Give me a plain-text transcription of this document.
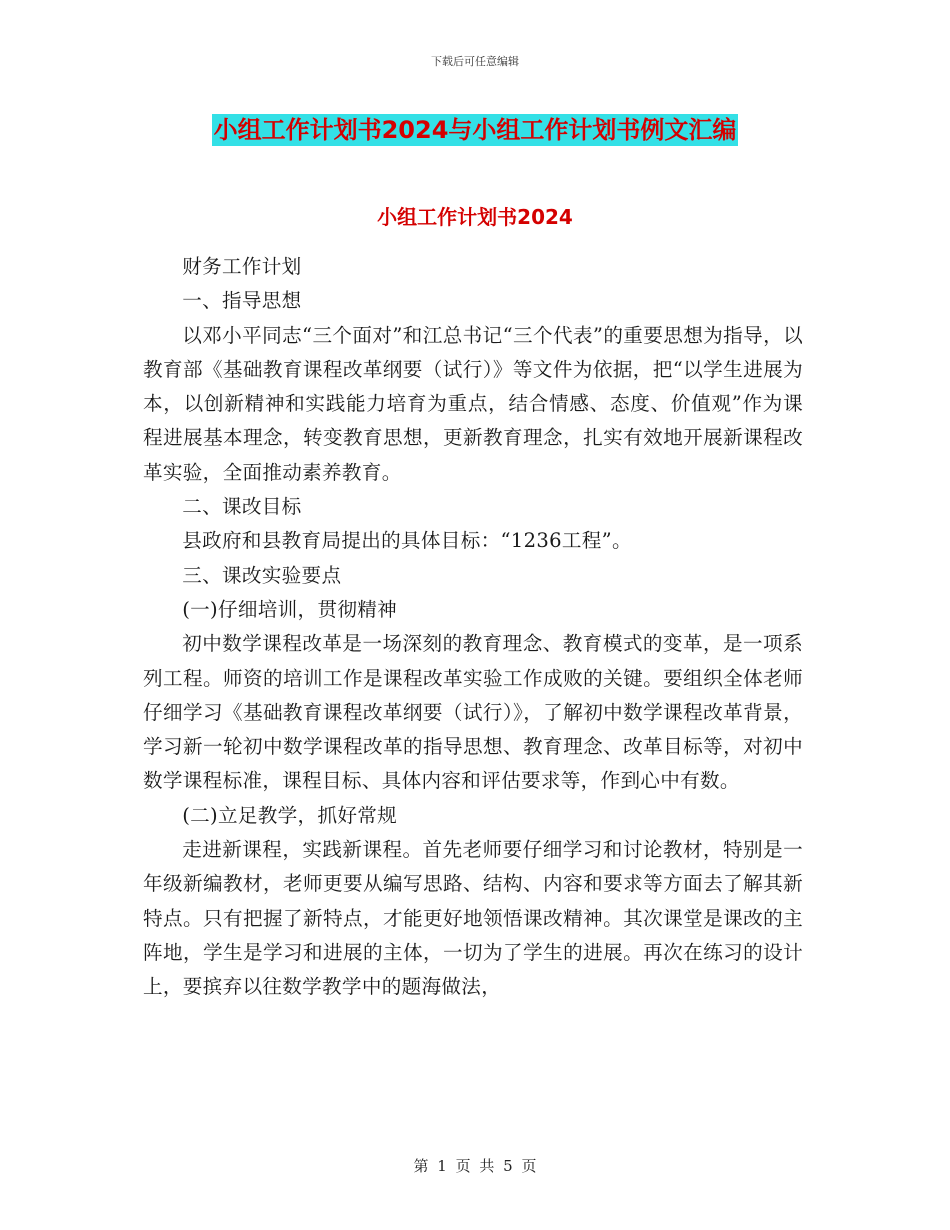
下载后可任意编辑
小组工作计划书2024与小组工作计划书例文汇编
小组工作计划书2024

财务工作计划

一、指导思想

以邓小平同志“三个面对”和江总书记“三个代表”的重要思想为指导，以教育部《基础教育课程改革纲要（试行）》等文件为依据，把“以学生进展为本，以创新精神和实践能力培育为重点，结合情感、态度、价值观”作为课程进展基本理念，转变教育思想，更新教育理念，扎实有效地开展新课程改革实验，全面推动素养教育。

二、课改目标

县政府和县教育局提出的具体目标：“1236工程”。

三、课改实验要点

(一)仔细培训，贯彻精神

初中数学课程改革是一场深刻的教育理念、教育模式的变革，是一项系列工程。师资的培训工作是课程改革实验工作成败的关键。要组织全体老师仔细学习《基础教育课程改革纲要（试行）》，了解初中数学课程改革背景，学习新一轮初中数学课程改革的指导思想、教育理念、改革目标等，对初中数学课程标准，课程目标、具体内容和评估要求等，作到心中有数。

(二)立足教学，抓好常规

走进新课程，实践新课程。首先老师要仔细学习和讨论教材，特别是一年级新编教材，老师更要从编写思路、结构、内容和要求等方面去了解其新特点。只有把握了新特点，才能更好地领悟课改精神。其次课堂是课改的主阵地，学生是学习和进展的主体，一切为了学生的进展。再次在练习的设计上，要摈弃以往数学教学中的题海做法，

第 1 页 共 5 页
